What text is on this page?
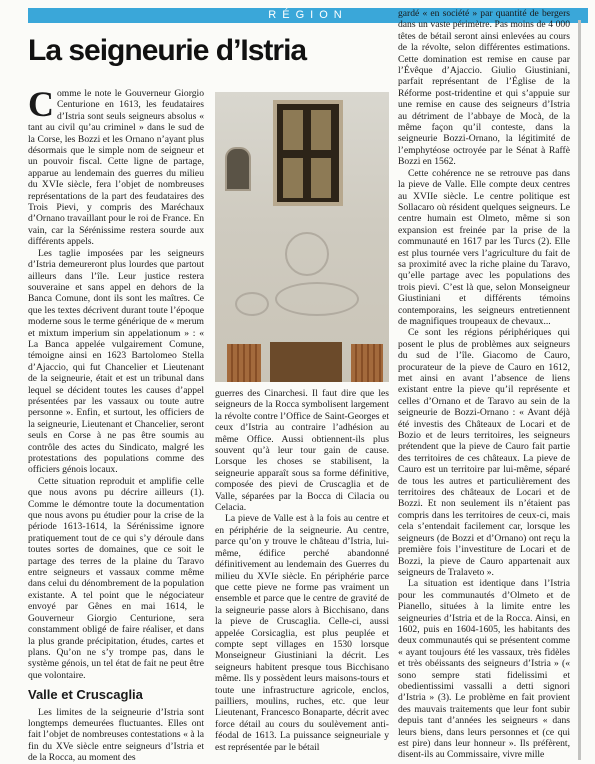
RÉGION
La seigneurie d’Istria

Comme le note le Gouverneur Giorgio Centurione en 1613, les feudataires d’Istria sont seuls seigneurs absolus « tant au civil qu’au criminel » dans le sud de la Corse, les Bozzi et les Ornano n’ayant plus désormais que le simple nom de seigneur et un pouvoir fiscal. Cette ligne de partage, apparue au lendemain des guerres du milieu du XVIe siècle, fera l’objet de nombreuses représentations de la part des feudataires des Trois Pievi, y compris des Maréchaux d’Ornano travaillant pour le roi de France. En vain, car la Sérénissime restera sourde aux différents appels.

Les taglie imposées par les seigneurs d’Istria demeureront plus lourdes que partout ailleurs dans l’île. Leur justice restera souveraine et sans appel en dehors de la Banca Comune, dont ils sont les maîtres. Ce que les textes décrivent durant toute l’époque moderne sous le terme générique de « merum et mixtum imperium sin appelationum » : « La Banca appelée vulgairement Comune, témoigne ainsi en 1623 Bartolomeo Stella d’Ajaccio, qui fut Chancelier et Lieutenant de la seigneurie, était et est un tribunal dans lequel se décident toutes les causes d’appel présentées par les vassaux ou toute autre personne ». Enfin, et surtout, les officiers de la seigneurie, Lieutenant et Chancelier, seront seuls en Corse à ne pas être soumis au contrôle des actes du Sindicato, malgré les protestations des populations comme des officiers génois locaux.

Cette situation reproduit et amplifie celle que nous avons pu décrire ailleurs (1). Comme le démontre toute la documentation que nous avons pu étudier pour la crise de la période 1613-1614, la Sérénissime ignore pratiquement tout de ce qui s’y déroule dans toutes sortes de domaines, que ce soit le partage des terres de la plaine du Taravo entre seigneurs et vassaux comme même dans celui du dénombrement de la population existante. A tel point que le négociateur envoyé par Gênes en mai 1614, le Gouverneur Giorgio Centurione, sera constamment obligé de faire réaliser, et dans la plus grande précipitation, études, cartes et plans. Qu’on ne s’y trompe pas, dans le système génois, un tel état de fait ne peut être que volontaire.

Valle et Cruscaglia

Les limites de la seigneurie d’Istria sont longtemps demeurées fluctuantes. Elles ont fait l’objet de nombreuses contestations « à la fin du XVe siècle entre seigneurs d’Istria et de la Rocca, au moment des

guerres des Cinarchesi. Il faut dire que les seigneurs de la Rocca symbolisent largement la révolte contre l’Office de Saint-Georges et ceux d’Istria au contraire l’adhésion au même Office. Aussi obtiennent-ils plus souvent qu’à leur tour gain de cause. Lorsque les choses se stabilisent, la seigneurie apparaît sous sa forme définitive, composée des pievi de Cruscaglia et de Valle, séparées par la Bocca di Cilacia ou Celacia.

La pieve de Valle est à la fois au centre et en périphérie de la seigneurie. Au centre, parce qu’on y trouve le château d’Istria, lui-même, édifice perché abandonné définitivement au lendemain des Guerres du milieu du XVIe siècle. En périphérie parce que cette pieve ne forme pas vraiment un ensemble et parce que le centre de gravité de la seigneurie passe alors à Bicchisano, dans la pieve de Cruscaglia. Celle-ci, aussi appelée Corsicaglia, est plus peuplée et compte sept villages en 1530 lorsque Monseigneur Giustiniani la décrit. Les seigneurs habitent presque tous Bicchisano même. Ils y possèdent leurs maisons-tours et toute une infrastructure agricole, enclos, pailliers, moulins, ruches, etc. que leur Lieutenant, Francesco Bonaparte, décrit avec force détail au cours du soulèvement anti-féodal de 1613. La puissance seigneuriale y est représentée par le bétail

gardé « en société » par quantité de bergers dans un vaste périmètre. Pas moins de 4 000 têtes de bétail seront ainsi enlevées au cours de la révolte, selon différentes estimations. Cette domination est remise en cause par l’Évêque d’Ajaccio. Giulio Giustiniani, parfait représentant de l’Église de la Réforme post-tridentine et qui s’appuie sur une remise en cause des seigneurs d’Istria au détriment de l’abbaye de Mocà, de la même façon qu’il conteste, dans la seigneurie Bozzi-Ornano, la légitimité de l’emphytéose octroyée par le Sénat à Raffè Bozzi en 1562.

Cette cohérence ne se retrouve pas dans la pieve de Valle. Elle compte deux centres au XVIIe siècle. Le centre politique est Sollacaro où résident quelques seigneurs. Le centre humain est Olmeto, même si son expansion est freinée par la prise de la communauté en 1617 par les Turcs (2). Elle est plus tournée vers l’agriculture du fait de sa proximité avec la riche plaine du Taravo, qu’elle partage avec les populations des trois pievi. C’est là que, selon Monseigneur Giustiniani et différents témoins contemporains, les seigneurs entretiennent de magnifiques troupeaux de chevaux...

Ce sont les régions périphériques qui posent le plus de problèmes aux seigneurs du sud de l’île. Giacomo de Cauro, procurateur de la pieve de Cauro en 1612, met ainsi en avant l’absence de liens existant entre la pieve qu’il représente et celles d’Ornano et de Taravo au sein de la seigneurie de Bozzi-Ornano : « Avant déjà été investis des Châteaux de Locari et de Bozio et de leurs territoires, les seigneurs prétendent que la pieve de Cauro fait partie des territoires de ces châteaux. La pieve de Cauro est un territoire par lui-même, séparé de tous les autres et particulièrement des territoires des châteaux de Locari et de Bozzi. Et non seulement ils n’étaient pas compris dans les territoires de ceux-ci, mais cela s’entendait facilement car, lorsque les seigneurs (de Bozzi et d’Ornano) ont reçu la première fois l’investiture de Locari et de Bozzi, la pieve de Cauro appartenait aux seigneurs de Tralaveto ».

La situation est identique dans l’Istria pour les communautés d’Olmeto et de Pianello, situées à la limite entre les seigneuries d’Istria et de la Rocca. Ainsi, en 1602, puis en 1604-1605, les habitants des deux communautés qui se présentent comme « ayant toujours été les vassaux, très fidèles et très obéissants des seigneurs d’Istria » (« sono sempre stati fidelissimi et obedientissimi vassalli a detti signori d’Istria » (3). Le problème en fait provient des mauvais traitements que leur font subir depuis tant d’années les seigneurs « dans leurs biens, dans leurs personnes et (ce qui est pire) dans leur honneur ». Ils préfèrent, disent-ils au Commissaire, vivre mille
